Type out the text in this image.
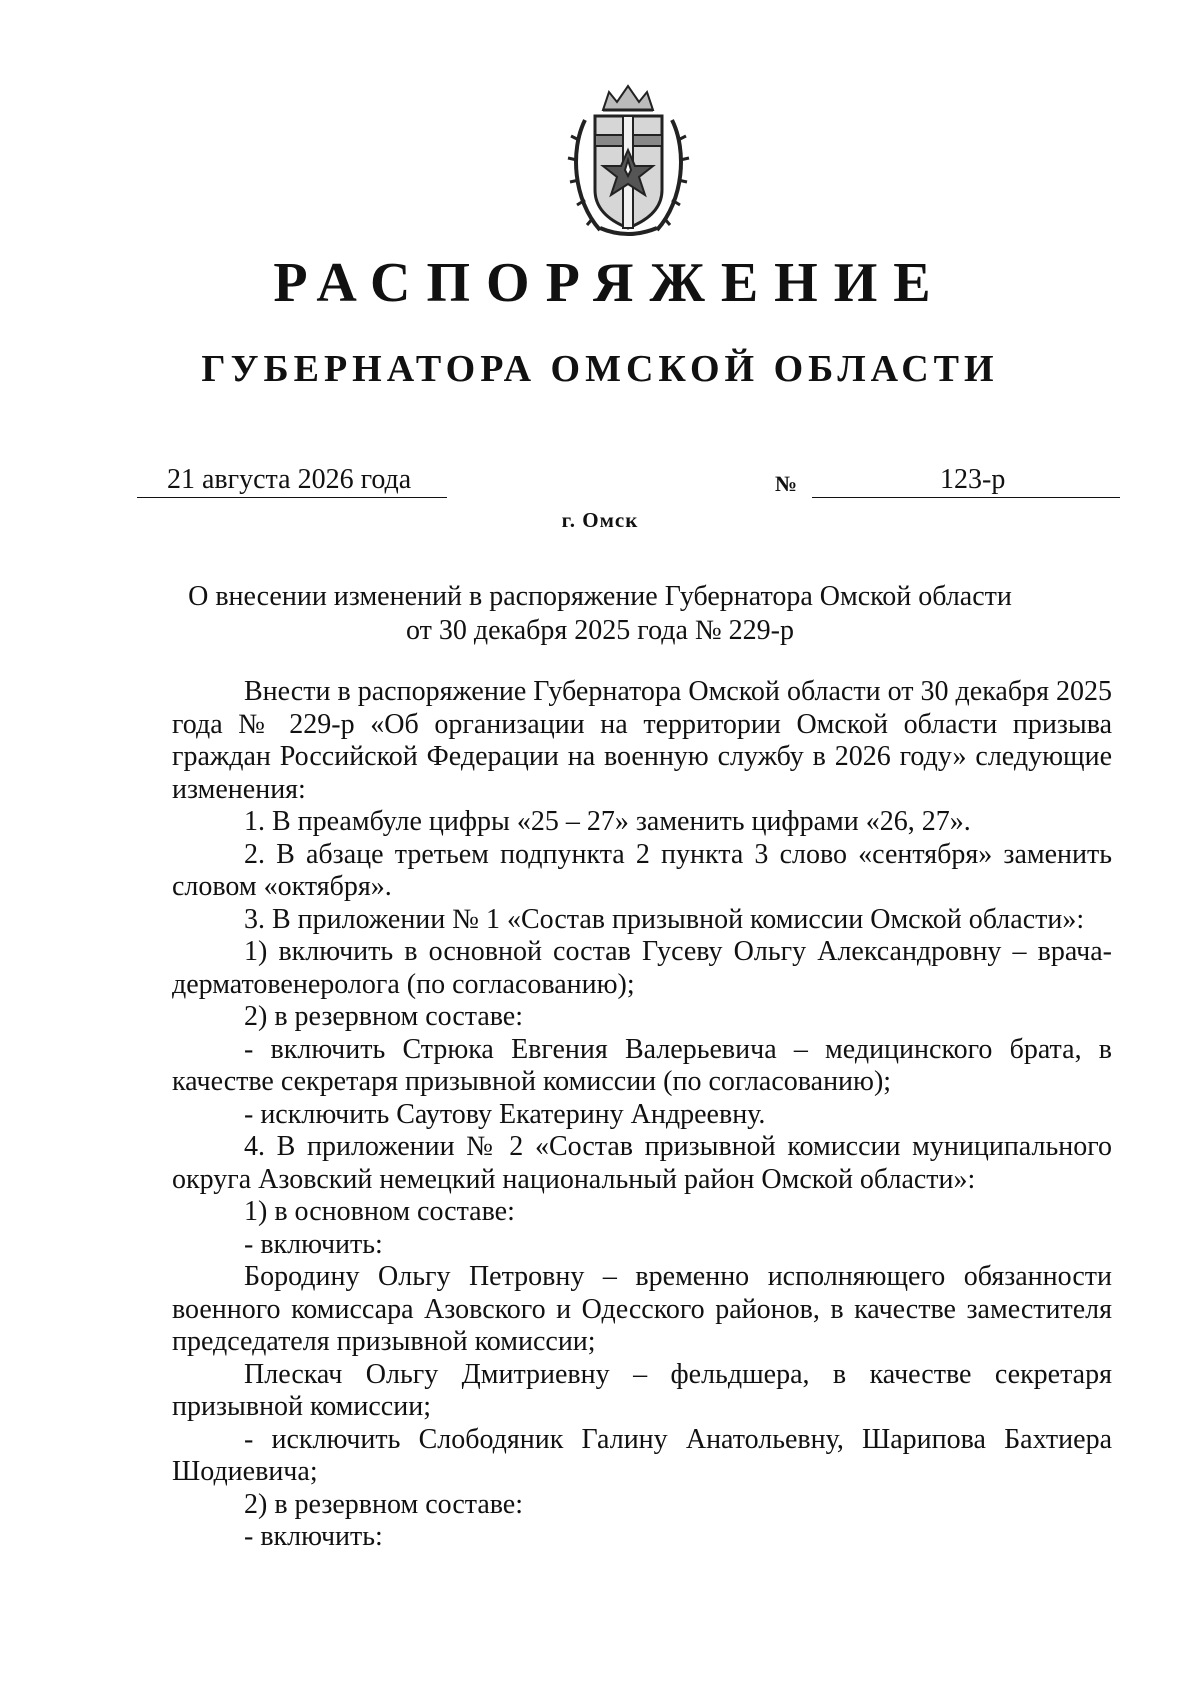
РАСПОРЯЖЕНИЕ
ГУБЕРНАТОРА ОМСКОЙ ОБЛАСТИ
21 августа 2026 года	№	123-р
г. Омск
О внесении изменений в распоряжение Губернатора Омской области
от 30 декабря 2025 года № 229-р

Внести в распоряжение Губернатора Омской области от 30 декабря 2025 года № 229-р «Об организации на территории Омской области призыва граждан Российской Федерации на военную службу в 2026 году» следующие изменения:

1. В преамбуле цифры «25 – 27» заменить цифрами «26, 27».

2. В абзаце третьем подпункта 2 пункта 3 слово «сентября» заменить словом «октября».

3. В приложении № 1 «Состав призывной комиссии Омской области»:

1) включить в основной состав Гусеву Ольгу Александровну – врача-дерматовенеролога (по согласованию);

2) в резервном составе:

- включить Стрюка Евгения Валерьевича – медицинского брата, в качестве секретаря призывной комиссии (по согласованию);

- исключить Саутову Екатерину Андреевну.

4. В приложении № 2 «Состав призывной комиссии муниципального округа Азовский немецкий национальный район Омской области»:

1) в основном составе:

- включить:

Бородину Ольгу Петровну – временно исполняющего обязанности военного комиссара Азовского и Одесского районов, в качестве заместителя председателя призывной комиссии;

Плескач Ольгу Дмитриевну – фельдшера, в качестве секретаря призывной комиссии;

- исключить Слободяник Галину Анатольевну, Шарипова Бахтиера Шодиевича;

2) в резервном составе:

- включить:
